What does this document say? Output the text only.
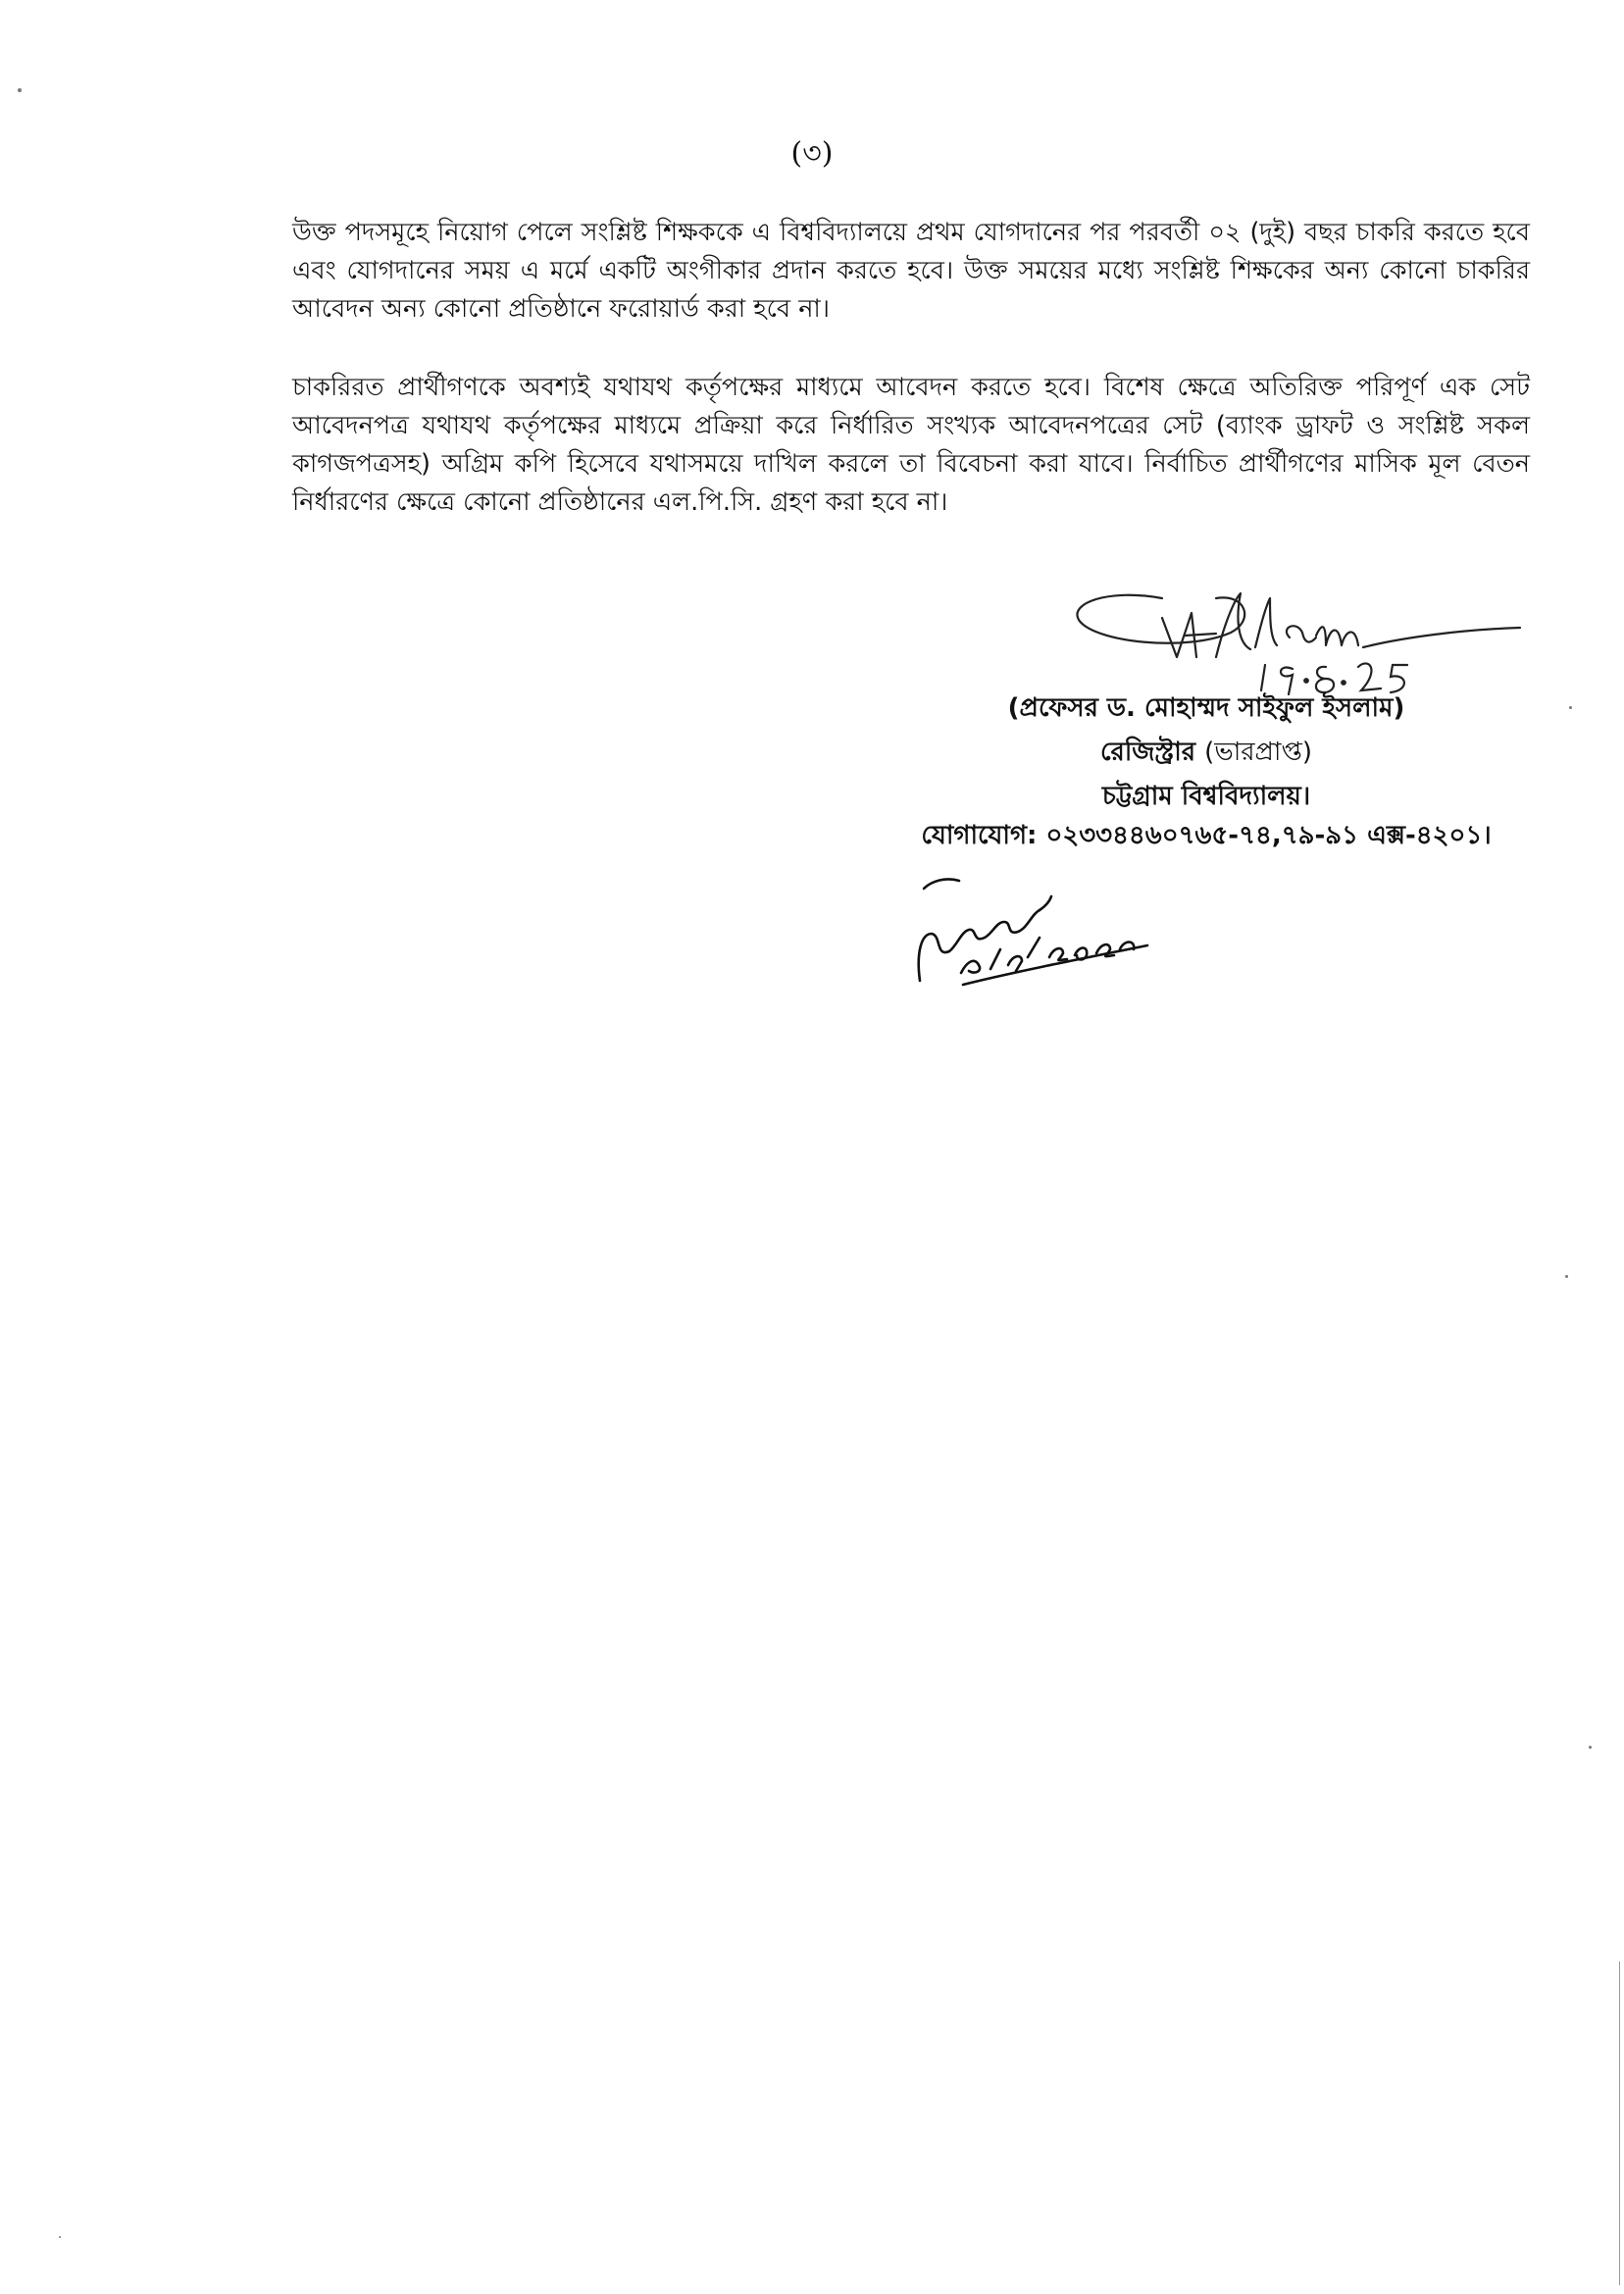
(৩)

উক্ত পদসমূহে নিয়োগ পেলে সংশ্লিষ্ট শিক্ষককে এ বিশ্ববিদ্যালয়ে প্রথম যোগদানের পর পরবর্তী ০২ (দুই) বছর চাকরি করতে হবে এবং যোগদানের সময় এ মর্মে একটি অংগীকার প্রদান করতে হবে। উক্ত সময়ের মধ্যে সংশ্লিষ্ট শিক্ষকের অন্য কোনো চাকরির আবেদন অন্য কোনো প্রতিষ্ঠানে ফরোয়ার্ড করা হবে না।

চাকরিরত প্রার্থীগণকে অবশ্যই যথাযথ কর্তৃপক্ষের মাধ্যমে আবেদন করতে হবে। বিশেষ ক্ষেত্রে অতিরিক্ত পরিপূর্ণ এক সেট আবেদনপত্র যথাযথ কর্তৃপক্ষের মাধ্যমে প্রক্রিয়া করে নির্ধারিত সংখ্যক আবেদনপত্রের সেট (ব্যাংক ড্রাফট ও সংশ্লিষ্ট সকল কাগজপত্রসহ) অগ্রিম কপি হিসেবে যথাসময়ে দাখিল করলে তা বিবেচনা করা যাবে। নির্বাচিত প্রার্থীগণের মাসিক মূল বেতন নির্ধারণের ক্ষেত্রে কোনো প্রতিষ্ঠানের এল.পি.সি. গ্রহণ করা হবে না।

(প্রফেসর ড. মোহাম্মদ সাইফুল ইসলাম)
রেজিস্ট্রার (ভারপ্রাপ্ত)
চট্টগ্রাম বিশ্ববিদ্যালয়।
যোগাযোগ: ০২৩৩৪৪৬০৭৬৫-৭৪,৭৯-৯১ এক্স-৪২০১।
